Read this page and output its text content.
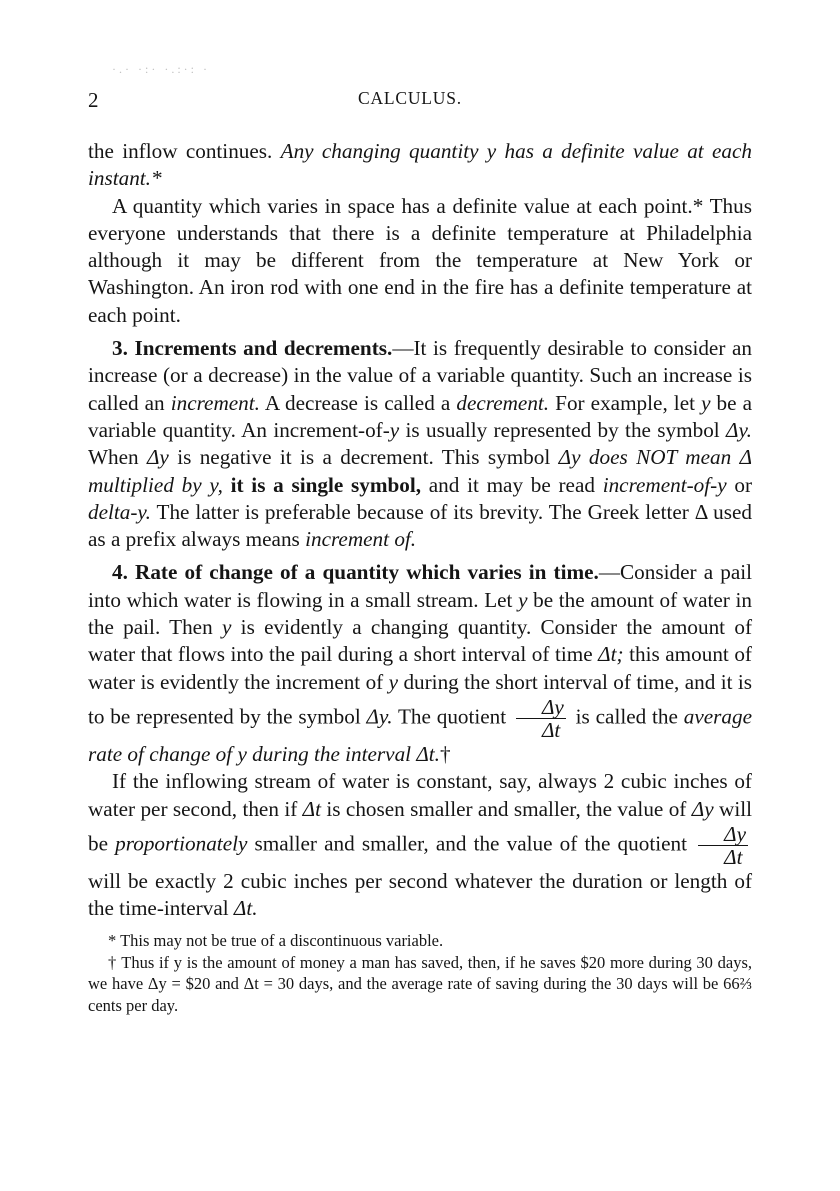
·.· ·:· ·.:·: ·
2	CALCULUS.

the inflow continues. Any changing quantity y has a definite value at each instant.*

A quantity which varies in space has a definite value at each point.* Thus everyone understands that there is a definite temperature at Philadelphia although it may be different from the temperature at New York or Washington. An iron rod with one end in the fire has a definite temperature at each point.

3. Increments and decrements.—It is frequently desirable to consider an increase (or a decrease) in the value of a variable quantity. Such an increase is called an increment. A decrease is called a decrement. For example, let y be a variable quantity. An increment-of-y is usually represented by the symbol Δy. When Δy is negative it is a decrement. This symbol Δy does NOT mean Δ multiplied by y, it is a single symbol, and it may be read increment-of-y or delta-y. The latter is preferable because of its brevity. The Greek letter Δ used as a prefix always means increment of.

4. Rate of change of a quantity which varies in time.—Consider a pail into which water is flowing in a small stream. Let y be the amount of water in the pail. Then y is evidently a changing quantity. Consider the amount of water that flows into the pail during a short interval of time Δt; this amount of water is evidently the increment of y during the short interval of time, and it is to be represented by the symbol Δy. The quotient $\frac{\Delta y}{\Delta t}$ is called the average rate of change of y during the interval Δt.†

If the inflowing stream of water is constant, say, always 2 cubic inches of water per second, then if Δt is chosen smaller and smaller, the value of Δy will be proportionately smaller and smaller, and the value of the quotient $\frac{\Delta y}{\Delta t}$
will be exactly 2 cubic inches per second whatever the duration or length of the time-interval Δt.

* This may not be true of a discontinuous variable.

† Thus if y is the amount of money a man has saved, then, if he saves $20 more during 30 days, we have Δy = $20 and Δt = 30 days, and the average rate of saving during the 30 days will be 66⅔ cents per day.
